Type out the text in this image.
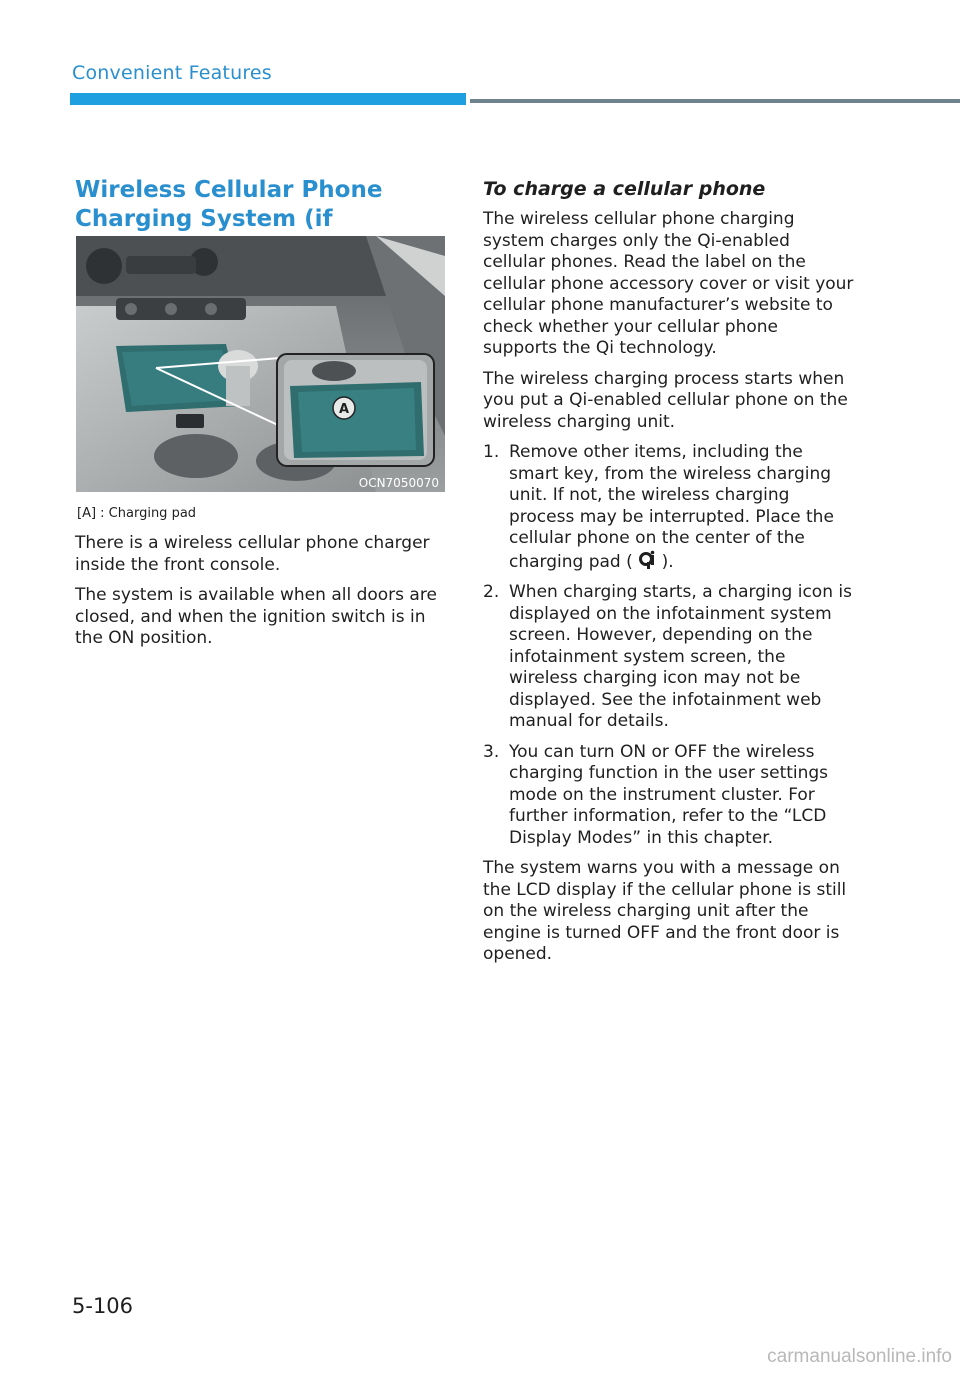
Convenient Features
Wireless Cellular Phone
Charging System (if
A
OCN7050070
[A] : Charging pad

There is a wireless cellular phone charger inside the front console.

The system is available when all doors are closed, and when the ignition switch is in the ON position.

To charge a cellular phone

The wireless cellular phone charging system charges only the Qi-enabled cellular phones. Read the label on the cellular phone accessory cover or visit your cellular phone manufacturer’s website to check whether your cellular phone supports the Qi technology.

The wireless charging process starts when you put a Qi-enabled cellular phone on the wireless charging unit.

1. Remove other items, including the smart key, from the wireless charging unit. If not, the wireless charging process may be interrupted. Place the cellular phone on the center of the charging pad ( ).
2. When charging starts, a charging icon is displayed on the infotainment system screen. However, depending on the infotainment system screen, the wireless charging icon may not be displayed. See the infotainment web manual for details.
3. You can turn ON or OFF the wireless charging function in the user settings mode on the instrument cluster. For further information, refer to the “LCD Display Modes” in this chapter.

The system warns you with a message on the LCD display if the cellular phone is still on the wireless charging unit after the engine is turned OFF and the front door is opened.

5-106
carmanualsonline.info
